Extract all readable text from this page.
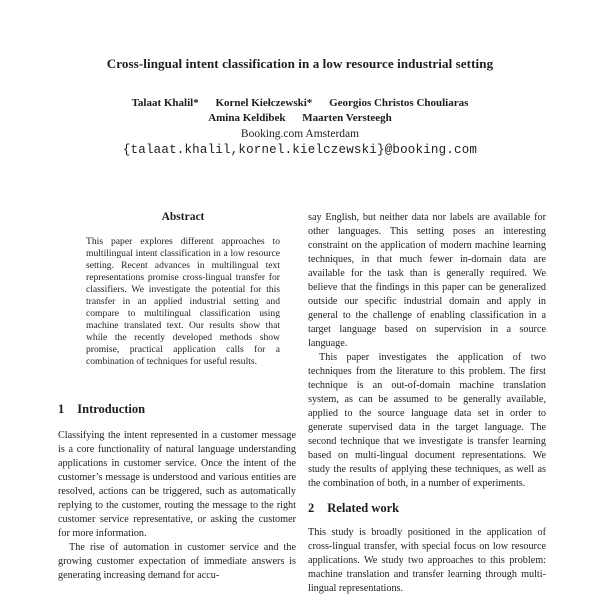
Cross-lingual intent classification in a low resource industrial setting
Talaat Khalil* Kornel Kiełczewski* Georgios Christos Chouliaras
Amina Keldibek Maarten Versteegh
Booking.com Amsterdam
{talaat.khalil,kornel.kielczewski}@booking.com
Abstract
This paper explores different approaches to multilingual intent classification in a low resource setting. Recent advances in multilingual text representations promise cross-lingual transfer for classifiers. We investigate the potential for this transfer in an applied industrial setting and compare to multilingual classification using machine translated text. Our results show that while the recently developed methods show promise, practical application calls for a combination of techniques for useful results.
1 Introduction

Classifying the intent represented in a customer message is a core functionality of natural language understanding applications in customer service. Once the intent of the customer’s message is understood and various entities are resolved, actions can be triggered, such as automatically replying to the customer, routing the message to the right customer service representative, or asking the customer for more information.

The rise of automation in customer service and the growing customer expectation of immediate answers is generating increasing demand for accu-

say English, but neither data nor labels are available for other languages. This setting poses an interesting constraint on the application of modern machine learning techniques, in that much fewer in-domain data are available for the task than is generally required. We believe that the findings in this paper can be generalized outside our specific industrial domain and apply in general to the challenge of enabling classification in a target language based on supervision in a source language.

This paper investigates the application of two techniques from the literature to this problem. The first technique is an out-of-domain machine translation system, as can be assumed to be generally available, applied to the source language data set in order to generate supervised data in the target language. The second technique that we investigate is transfer learning based on multi-lingual document representations. We study the results of applying these techniques, as well as the combination of both, in a number of experiments.

2 Related work

This study is broadly positioned in the application of cross-lingual transfer, with special focus on low resource applications. We study two approaches to this problem: machine translation and transfer learning through multi-lingual representations.
